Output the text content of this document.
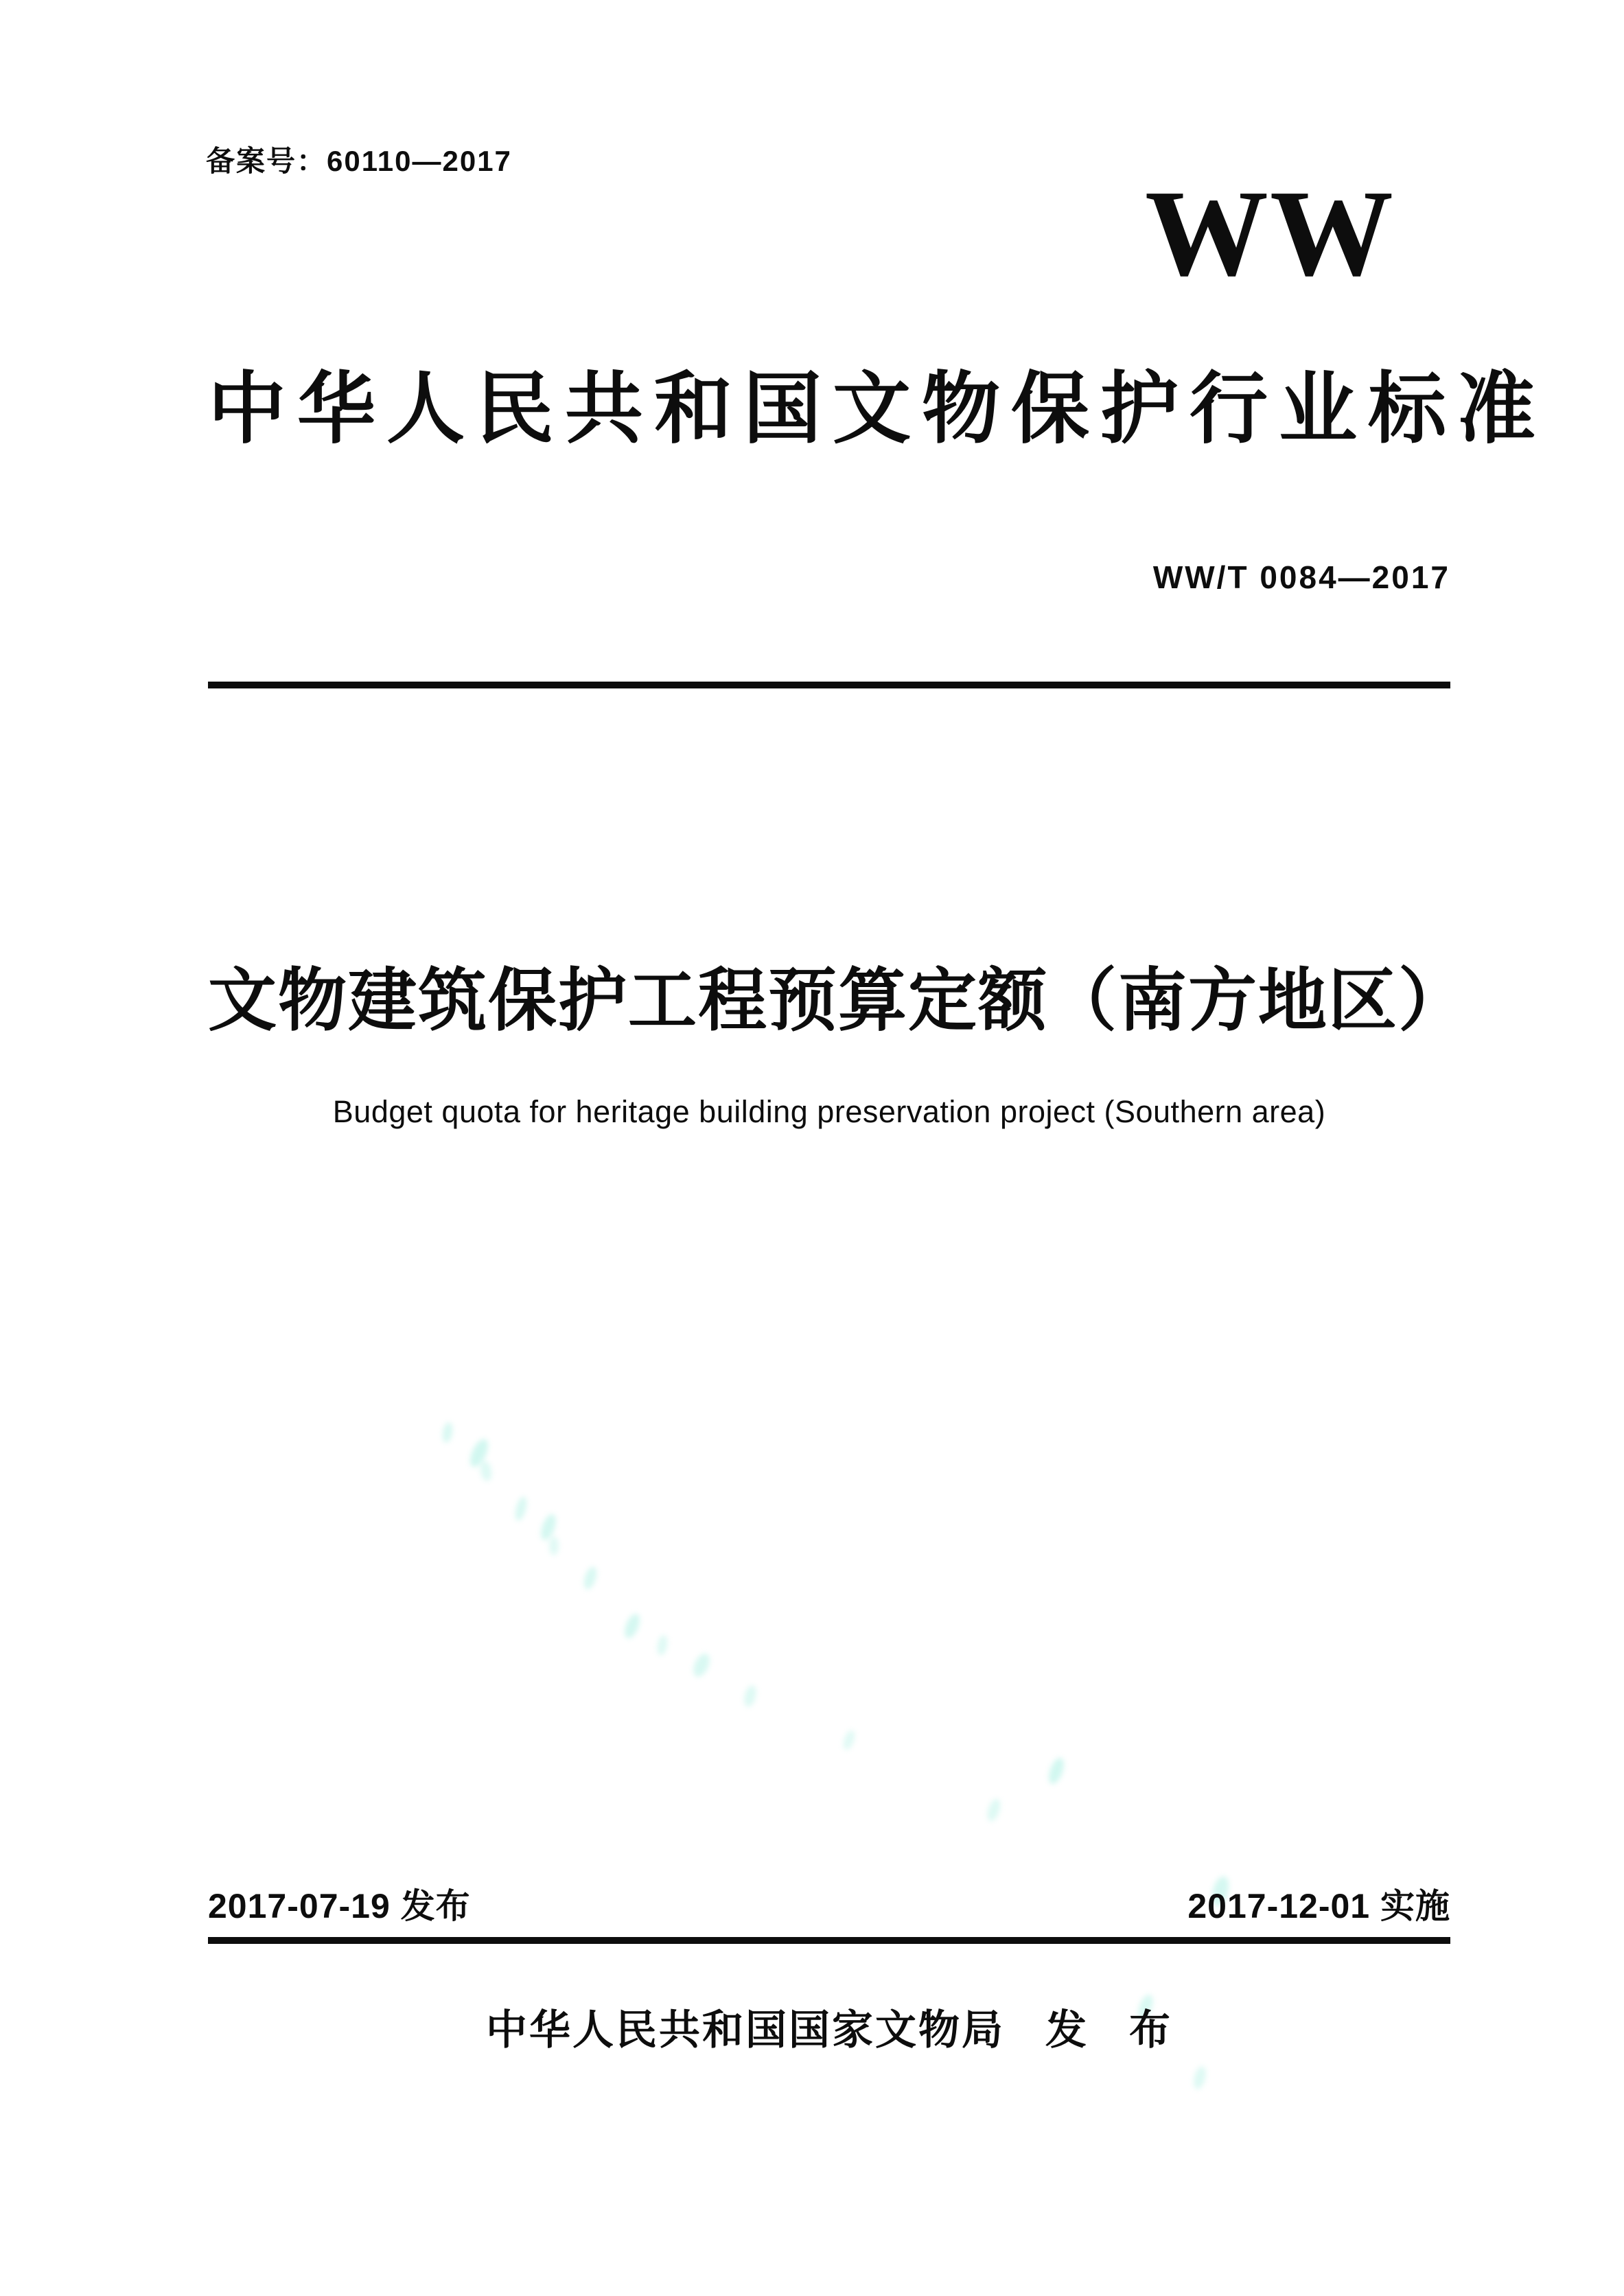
备案号：60110—2017
WW
中华人民共和国文物保护行业标准
WW/T 0084—2017
文物建筑保护工程预算定额（南方地区）
Budget quota for heritage building preservation project (Southern area)
2017-07-19 发布	2017-12-01 实施
中华人民共和国国家文物局   发   布
